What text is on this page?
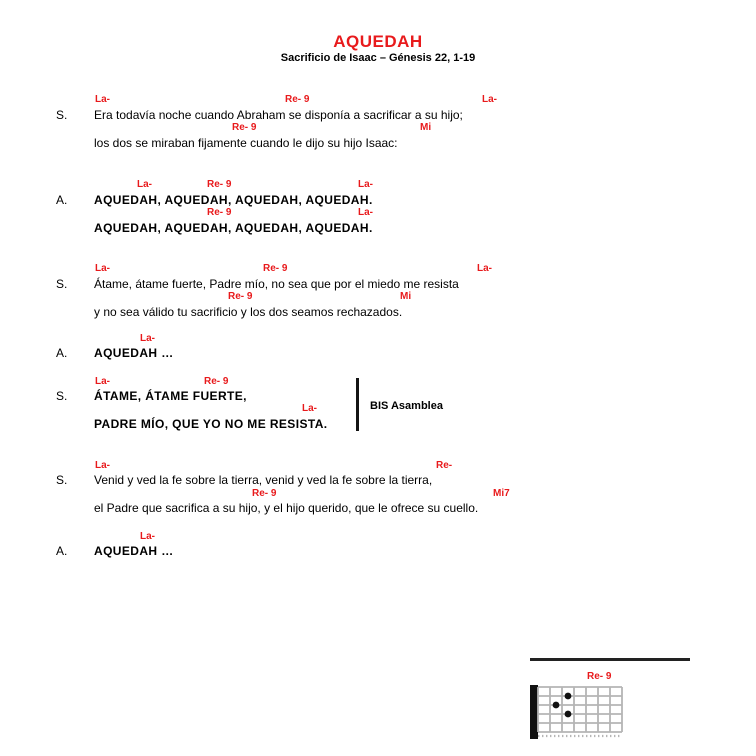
AQUEDAH
Sacrificio de Isaac – Génesis 22, 1-19
La-	Re- 9	La-
Era todavía noche cuando Abraham se disponía a sacrificar a su hijo;
S.
Re- 9	Mi
los dos se miraban fijamente cuando le dijo su hijo Isaac:
La-	Re- 9	La-
AQUEDAH, AQUEDAH, AQUEDAH, AQUEDAH.
A.
Re- 9	La-
AQUEDAH, AQUEDAH, AQUEDAH, AQUEDAH.
La-	Re- 9	La-
Átame, átame fuerte, Padre mío, no sea que por el miedo me resista
S.
Re- 9	Mi
y no sea válido tu sacrificio y los dos seamos rechazados.
La-
AQUEDAH …
A.
La-	Re- 9
ÁTAME, ÁTAME FUERTE,
S.
La-
PADRE MÍO, QUE YO NO ME RESISTA.
La-	Re-
Venid y ved la fe sobre la tierra, venid y ved la fe sobre la tierra,
S.
Re- 9	Mi7
el Padre que sacrifica a su hijo, y el hijo querido, que le ofrece su cuello.
La-
AQUEDAH …
A.
BIS Asamblea
Re- 9
